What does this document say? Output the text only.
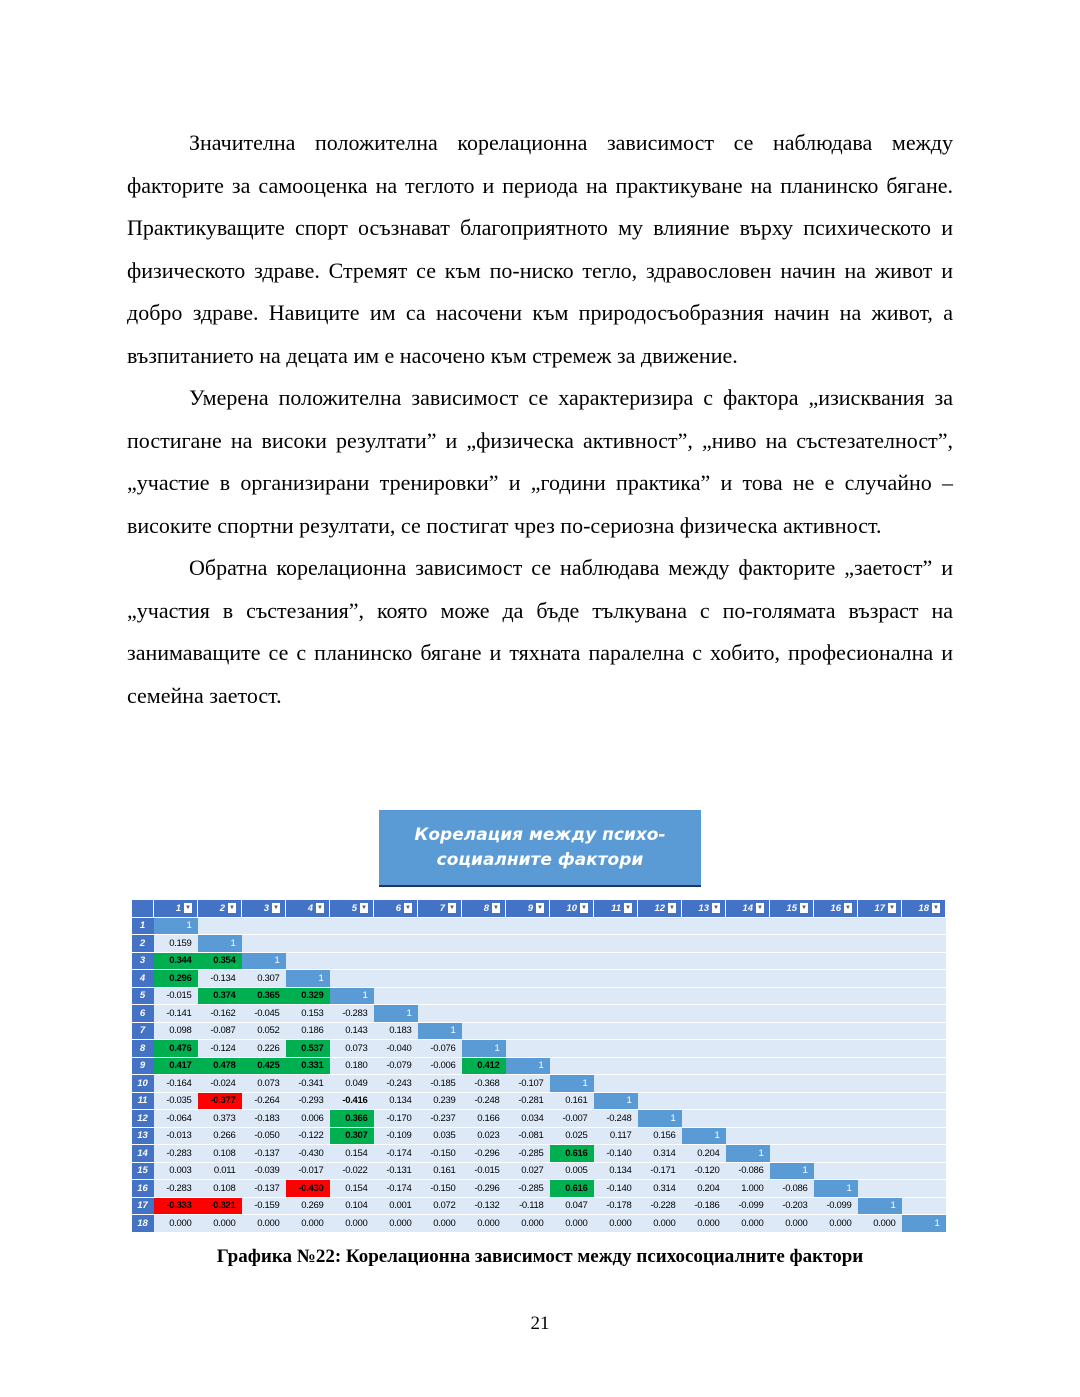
Значителна положителна корелационна зависимост се наблюдава между факторите за самооценка на теглото и периода на практикуване на планинско бягане. Практикуващите спорт осъзнават благоприятното му влияние върху психическото и физическото здраве. Стремят се към по-ниско тегло, здравословен начин на живот и добро здраве. Навиците им са насочени към природосъобразния начин на живот, а възпитанието на децата им е насочено към стремеж за движение.

Умерена положителна зависимост се характеризира с фактора „изисквания за постигане на високи резултати” и „физическа активност”, „ниво на състезателност”, „участие в организирани тренировки” и „години практика” и това не е случайно – високите спортни резултати, се постигат чрез по-сериозна физическа активност.

Обратна корелационна зависимост се наблюдава между факторите „заетост” и „участия в състезания”, която може да бъде тълкувана с по-голямата възраст на занимаващите се с планинско бягане и тяхната паралелна с хобито, професионална и семейна заетост.

Корелация между психо-социалните фактори
	1 ▼	2 ▼	3 ▼	4 ▼	5 ▼	6 ▼	7 ▼	8 ▼	9 ▼	10 ▼	11 ▼	12 ▼	13 ▼	14 ▼	15 ▼	16 ▼	17 ▼	18 ▼
1	1																	
2	0.159	1																
3	0.344	0.354	1															
4	0.296	-0.134	0.307	1														
5	-0.015	0.374	0.365	0.329	1													
6	-0.141	-0.162	-0.045	0.153	-0.283	1												
7	0.098	-0.087	0.052	0.186	0.143	0.183	1											
8	0.476	-0.124	0.226	0.537	0.073	-0.040	-0.076	1										
9	0.417	0.478	0.425	0.331	0.180	-0.079	-0.006	0.412	1									
10	-0.164	-0.024	0.073	-0.341	0.049	-0.243	-0.185	-0.368	-0.107	1								
11	-0.035	-0.377	-0.264	-0.293	-0.416	0.134	0.239	-0.248	-0.281	0.161	1							
12	-0.064	0.373	-0.183	0.006	0.366	-0.170	-0.237	0.166	0.034	-0.007	-0.248	1						
13	-0.013	0.266	-0.050	-0.122	0.307	-0.109	0.035	0.023	-0.081	0.025	0.117	0.156	1					
14	-0.283	0.108	-0.137	-0.430	0.154	-0.174	-0.150	-0.296	-0.285	0.616	-0.140	0.314	0.204	1				
15	0.003	0.011	-0.039	-0.017	-0.022	-0.131	0.161	-0.015	0.027	0.005	0.134	-0.171	-0.120	-0.086	1			
16	-0.283	0.108	-0.137	-0.430	0.154	-0.174	-0.150	-0.296	-0.285	0.616	-0.140	0.314	0.204	1.000	-0.086	1		
17	-0.333	-0.321	-0.159	0.269	0.104	0.001	0.072	-0.132	-0.118	0.047	-0.178	-0.228	-0.186	-0.099	-0.203	-0.099	1	
18	0.000	0.000	0.000	0.000	0.000	0.000	0.000	0.000	0.000	0.000	0.000	0.000	0.000	0.000	0.000	0.000	0.000	1
Графика №22: Корелационна зависимост между психосоциалните фактори
21
